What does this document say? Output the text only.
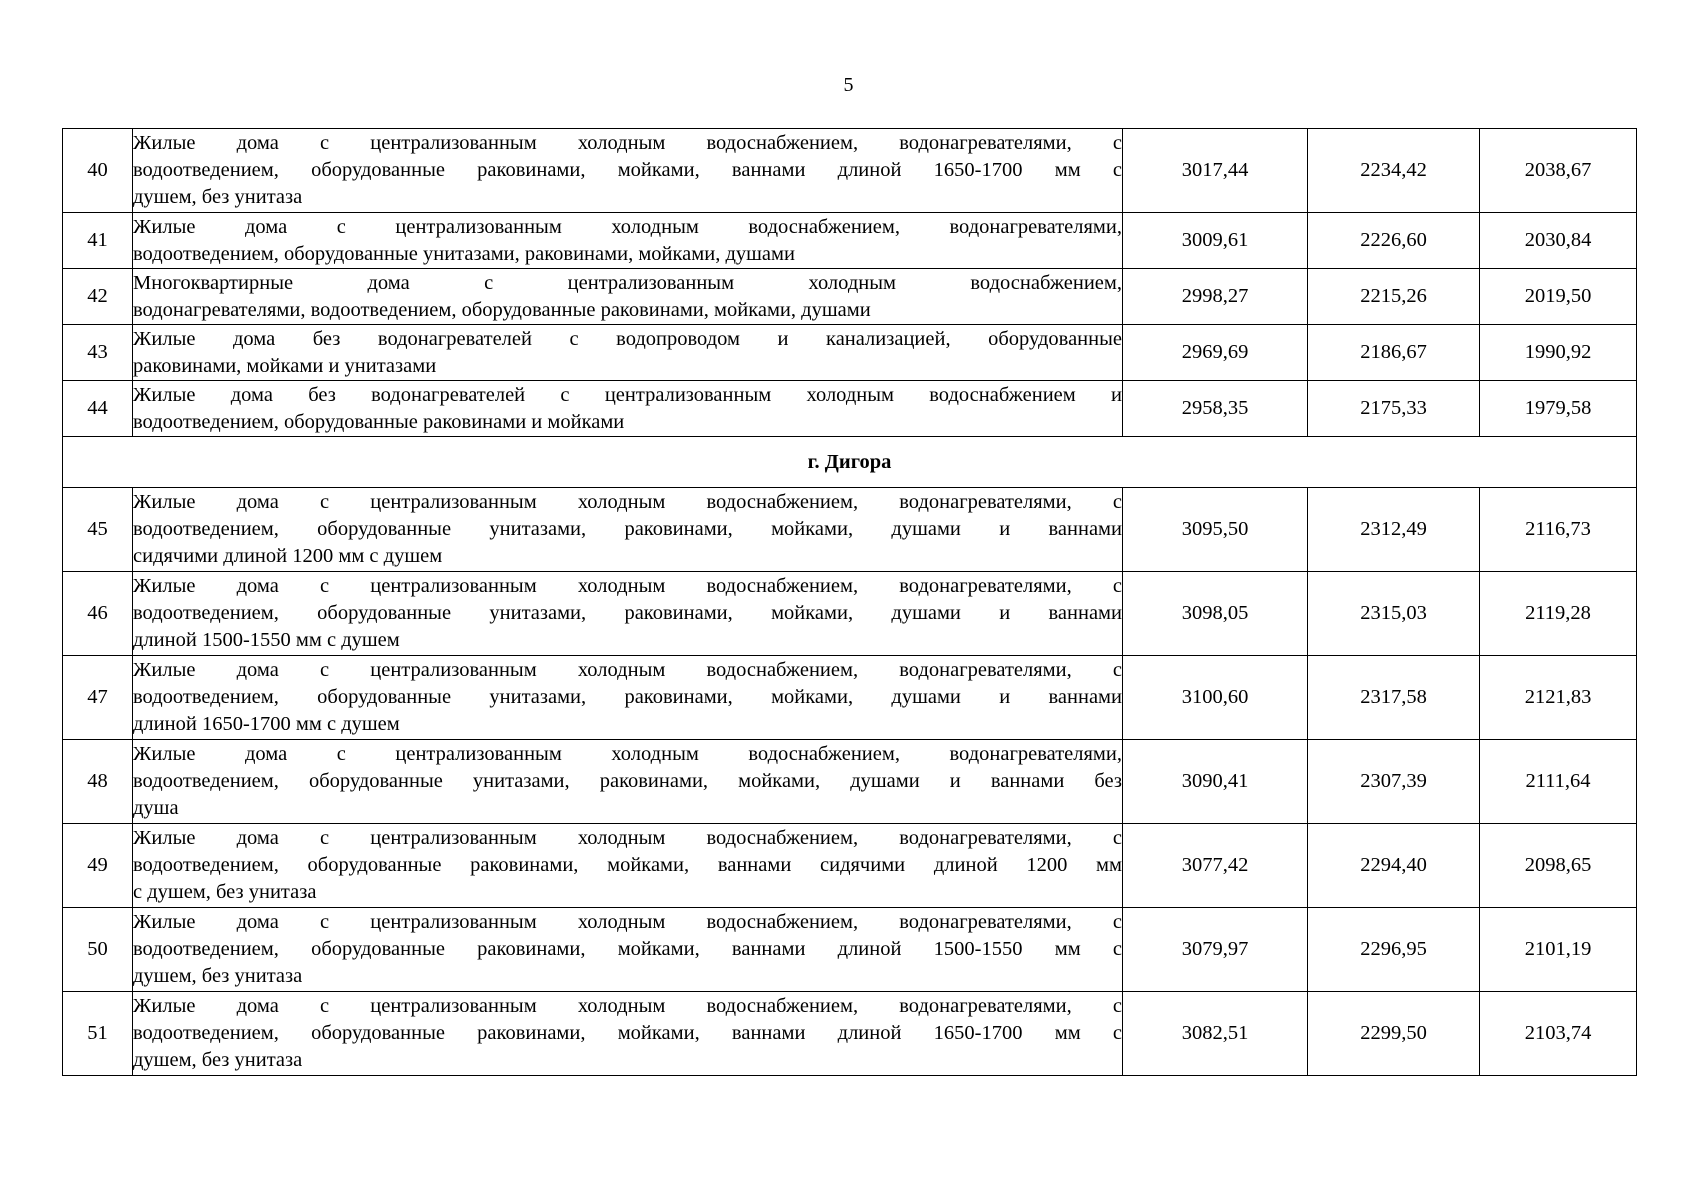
5
40	Жилые дома с централизованным холодным водоснабжением, водонагревателями, с
водоотведением, оборудованные раковинами, мойками, ваннами длиной 1650-1700 мм с
душем, без унитаза	3017,44	2234,42	2038,67
41	Жилые дома с централизованным холодным водоснабжением, водонагревателями,
водоотведением, оборудованные унитазами, раковинами, мойками, душами	3009,61	2226,60	2030,84
42	Многоквартирные дома с централизованным холодным водоснабжением,
водонагревателями, водоотведением, оборудованные раковинами, мойками, душами	2998,27	2215,26	2019,50
43	Жилые дома без водонагревателей с водопроводом и канализацией, оборудованные
раковинами, мойками и унитазами	2969,69	2186,67	1990,92
44	Жилые дома без водонагревателей с централизованным холодным водоснабжением и
водоотведением, оборудованные раковинами и мойками	2958,35	2175,33	1979,58
г. Дигора				
45	Жилые дома с централизованным холодным водоснабжением, водонагревателями, с
водоотведением, оборудованные унитазами, раковинами, мойками, душами и ваннами
сидячими длиной 1200 мм с душем	3095,50	2312,49	2116,73
46	Жилые дома с централизованным холодным водоснабжением, водонагревателями, с
водоотведением, оборудованные унитазами, раковинами, мойками, душами и ваннами
длиной 1500-1550 мм с душем	3098,05	2315,03	2119,28
47	Жилые дома с централизованным холодным водоснабжением, водонагревателями, с
водоотведением, оборудованные унитазами, раковинами, мойками, душами и ваннами
длиной 1650-1700 мм с душем	3100,60	2317,58	2121,83
48	Жилые дома с централизованным холодным водоснабжением, водонагревателями,
водоотведением, оборудованные унитазами, раковинами, мойками, душами и ваннами без
душа	3090,41	2307,39	2111,64
49	Жилые дома с централизованным холодным водоснабжением, водонагревателями, с
водоотведением, оборудованные раковинами, мойками, ваннами сидячими длиной 1200 мм
с душем, без унитаза	3077,42	2294,40	2098,65
50	Жилые дома с централизованным холодным водоснабжением, водонагревателями, с
водоотведением, оборудованные раковинами, мойками, ваннами длиной 1500-1550 мм с
душем, без унитаза	3079,97	2296,95	2101,19
51	Жилые дома с централизованным холодным водоснабжением, водонагревателями, с
водоотведением, оборудованные раковинами, мойками, ваннами длиной 1650-1700 мм с
душем, без унитаза	3082,51	2299,50	2103,74
